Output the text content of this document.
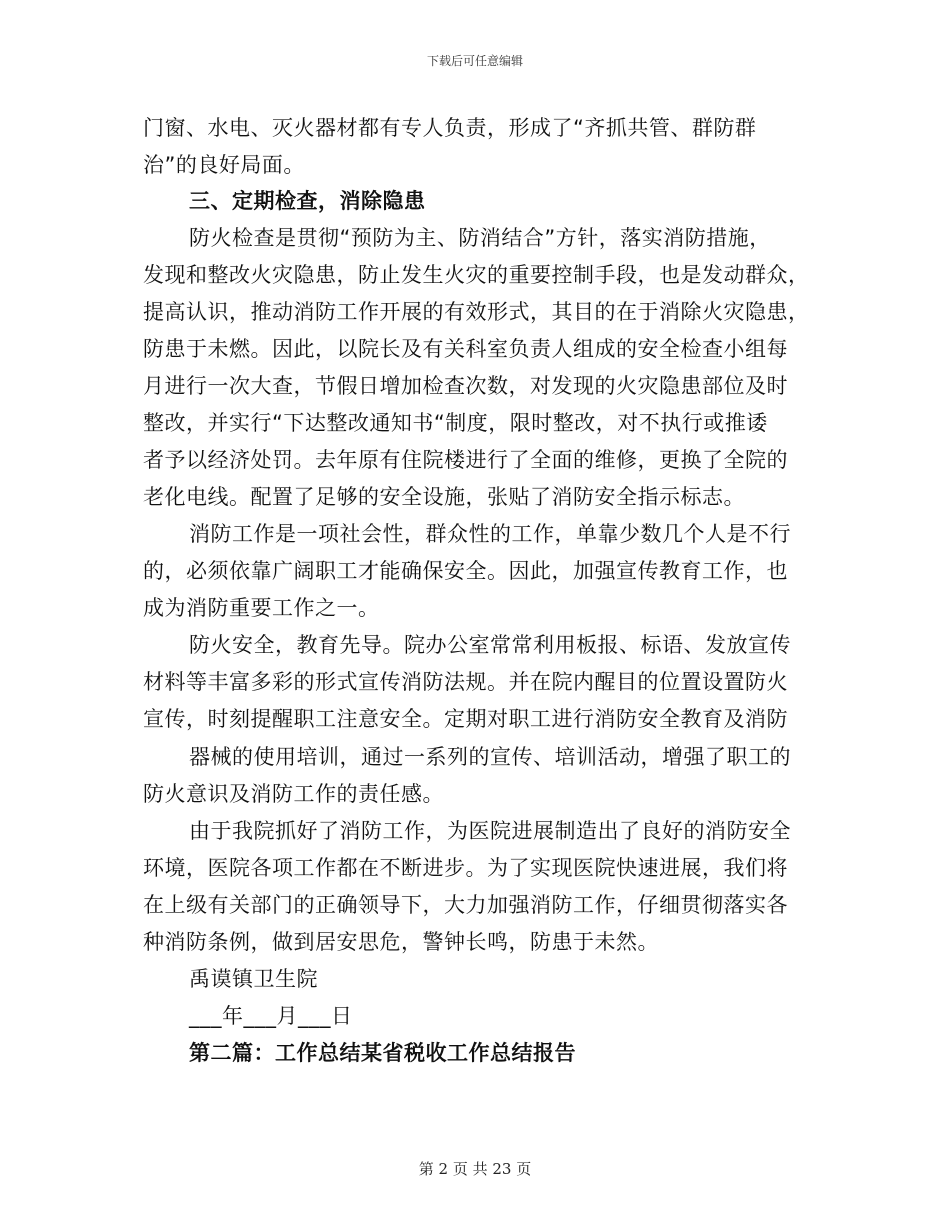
下载后可任意编辑
门窗、水电、灭火器材都有专人负责，形成了“齐抓共管、群防群
治”的良好局面。
三、定期检查，消除隐患
防火检查是贯彻“预防为主、防消结合”方针，落实消防措施，
发现和整改火灾隐患，防止发生火灾的重要控制手段，也是发动群众，
提高认识，推动消防工作开展的有效形式，其目的在于消除火灾隐患，
防患于未燃。因此，以院长及有关科室负责人组成的安全检查小组每
月进行一次大查，节假日增加检查次数，对发现的火灾隐患部位及时
整改，并实行“下达整改通知书“制度，限时整改，对不执行或推诿
者予以经济处罚。去年原有住院楼进行了全面的维修，更换了全院的
老化电线。配置了足够的安全设施，张贴了消防安全指示标志。
消防工作是一项社会性，群众性的工作，单靠少数几个人是不行
的，必须依靠广阔职工才能确保安全。因此，加强宣传教育工作，也
成为消防重要工作之一。
防火安全，教育先导。院办公室常常利用板报、标语、发放宣传
材料等丰富多彩的形式宣传消防法规。并在院内醒目的位置设置防火
宣传，时刻提醒职工注意安全。定期对职工进行消防安全教育及消防
器械的使用培训，通过一系列的宣传、培训活动，增强了职工的
防火意识及消防工作的责任感。
由于我院抓好了消防工作，为医院进展制造出了良好的消防安全
环境，医院各项工作都在不断进步。为了实现医院快速进展，我们将
在上级有关部门的正确领导下，大力加强消防工作，仔细贯彻落实各
种消防条例，做到居安思危，警钟长鸣，防患于未然。
禹谟镇卫生院
___年___月___日
第二篇：工作总结某省税收工作总结报告
第 2 页 共 23 页
